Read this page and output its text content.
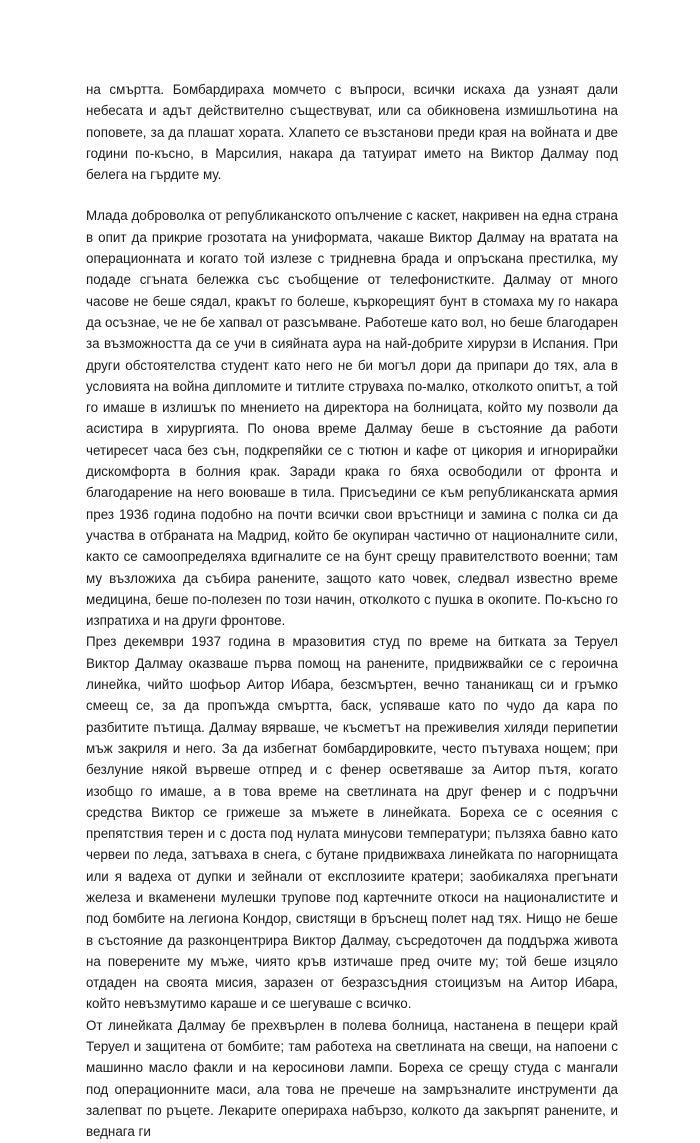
на смъртта. Бомбардираха момчето с въпроси, всички искаха да узнаят дали небесата и адът действително съществуват, или са обикновена измишльотина на поповете, за да плашат хората. Хлапето се възстанови преди края на войната и две години по-късно, в Марсилия, накара да татуират името на Виктор Далмау под белега на гърдите му.

Млада доброволка от републиканското опълчение с каскет, накривен на една страна в опит да прикрие грозотата на униформата, чакаше Виктор Далмау на вратата на операционната и когато той излезе с тридневна брада и опръскана престилка, му подаде сгъната бележка със съобщение от телефонистките. Далмау от много часове не беше сядал, кракът го болеше, къркорещият бунт в стомаха му го накара да осъзнае, че не бе хапвал от разсъмване. Работеше като вол, но беше благодарен за възможността да се учи в сияйната аура на най-добрите хирурзи в Испания. При други обстоятелства студент като него не би могъл дори да припари до тях, ала в условията на война дипломите и титлите струваха по-малко, отколкото опитът, а той го имаше в излишък по мнението на директора на болницата, който му позволи да асистира в хирургията. По онова време Далмау беше в състояние да работи четиресет часа без сън, подкрепяйки се с тютюн и кафе от цикория и игнорирайки дискомфорта в болния крак. Заради крака го бяха освободили от фронта и благодарение на него воюваше в тила. Присъедини се към републиканската армия през 1936 година подобно на почти всички свои връстници и замина с полка си да участва в отбраната на Мадрид, който бе окупиран частично от националните сили, както се самоопределяха вдигналите се на бунт срещу правителството военни; там му възложиха да събира ранените, защото като човек, следвал известно време медицина, беше по-полезен по този начин, отколкото с пушка в окопите. По-късно го изпратиха и на други фронтове.

През декември 1937 година в мразовития студ по време на битката за Теруел Виктор Далмау оказваше първа помощ на ранените, придвижвайки се с героична линейка, чийто шофьор Аитор Ибара, безсмъртен, вечно тананикащ си и гръмко смеещ се, за да пропъжда смъртта, баск, успяваше като по чудо да кара по разбитите пътища. Далмау вярваше, че късметът на преживелия хиляди перипетии мъж закриля и него. За да избегнат бомбардировките, често пътуваха нощем; при безлуние някой вървеше отпред и с фенер осветяваше за Аитор пътя, когато изобщо го имаше, а в това време на светлината на друг фенер и с подръчни средства Виктор се грижеше за мъжете в линейката. Бореха се с осеяния с препятствия терен и с доста под нулата минусови температури; пълзяха бавно като червеи по леда, затъваха в снега, с бутане придвижваха линейката по нагорнищата или я вадеха от дупки и зейнали от експлозиите кратери; заобикаляха прегънати железа и вкаменени мулешки трупове под картечните откоси на националистите и под бомбите на легиона Кондор, свистящи в бръснещ полет над тях. Нищо не беше в състояние да разконцентрира Виктор Далмау, съсредоточен да поддържа живота на поверените му мъже, чиято кръв изтичаше пред очите му; той беше изцяло отдаден на своята мисия, заразен от безразсъдния стоицизъм на Аитор Ибара, който невъзмутимо караше и се шегуваше с всичко.

От линейката Далмау бе прехвърлен в полева болница, настанена в пещери край Теруел и защитена от бомбите; там работеха на светлината на свещи, на напоени с машинно масло факли и на керосинови лампи. Бореха се срещу студа с мангали под операционните маси, ала това не пречеше на замръзналите инструменти да залепват по ръцете. Лекарите оперираха набързо, колкото да закърпят ранените, и веднага ги
